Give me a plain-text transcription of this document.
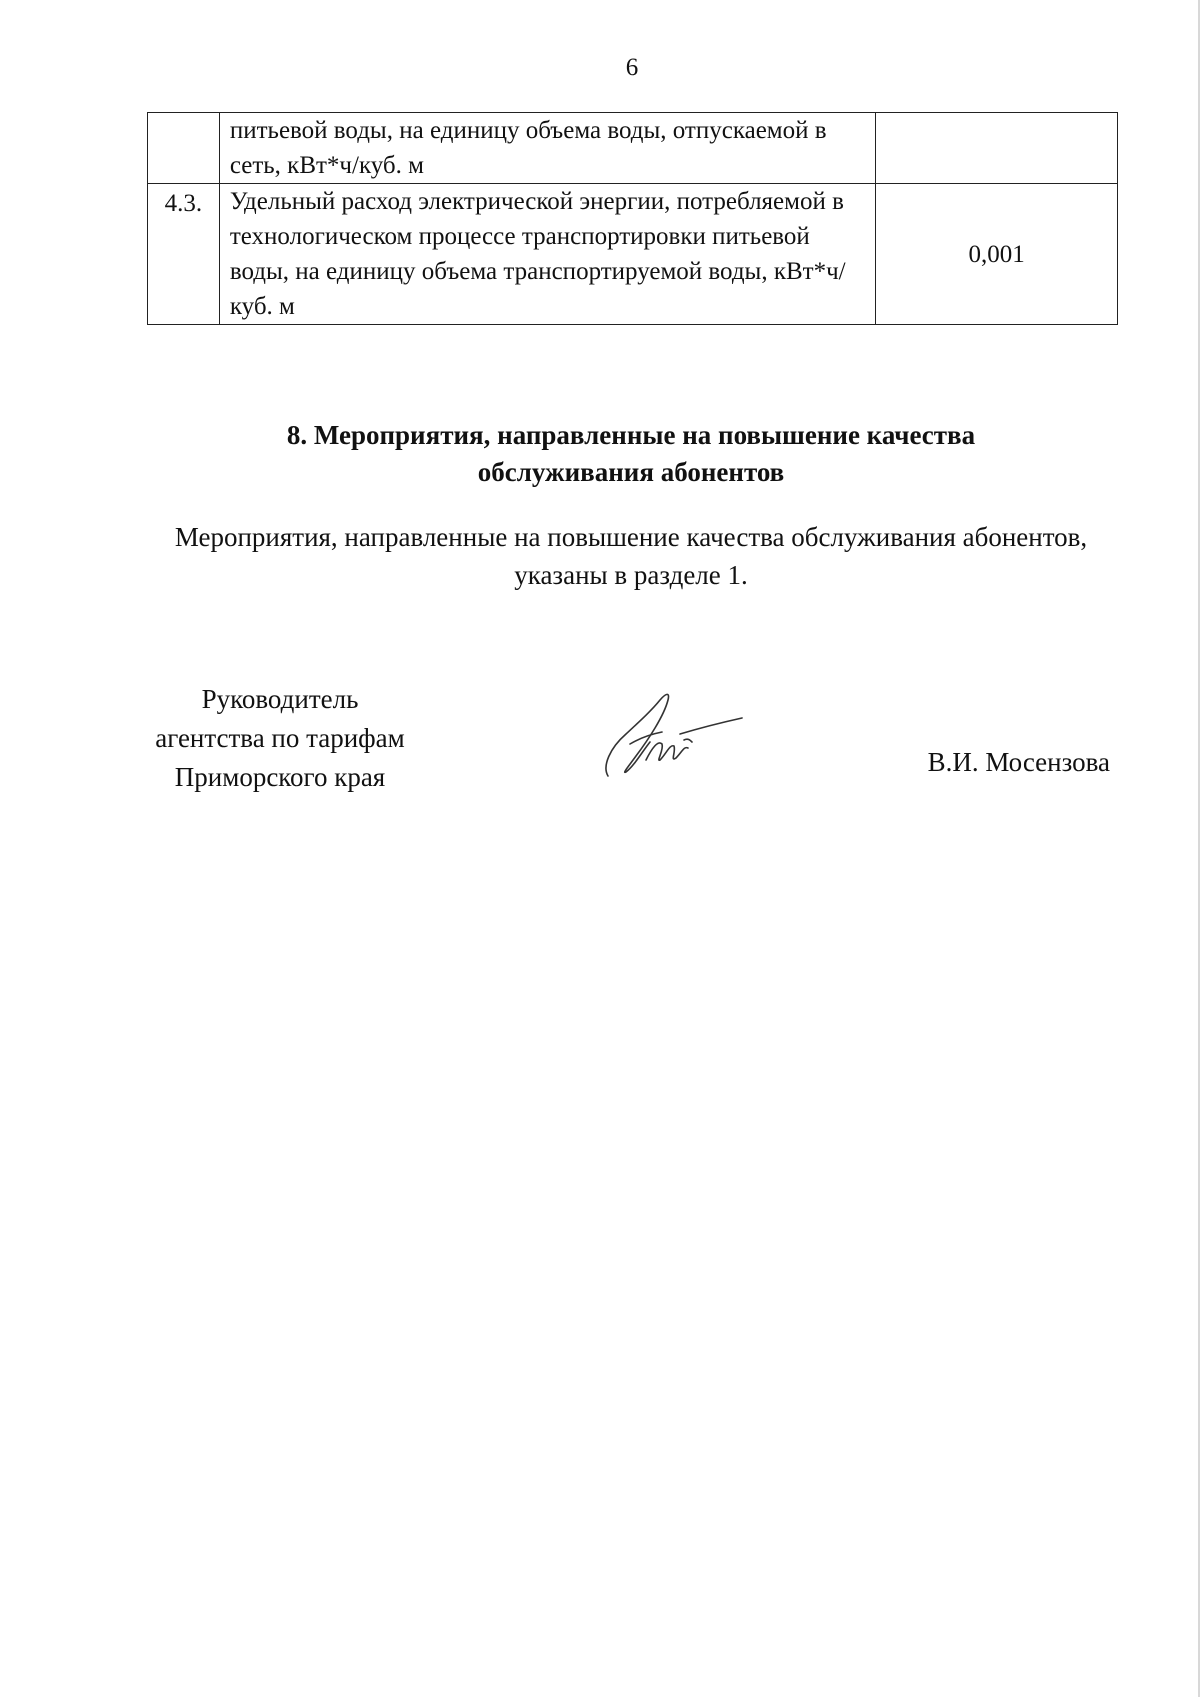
6
	питьевой воды, на единицу объема воды, отпускаемой в сеть, кВт*ч/куб. м	
4.3.	Удельный расход электрической энергии, потребляемой в технологическом процессе транспортировки питьевой воды, на единицу объема транспортируемой воды, кВт*ч/куб. м	0,001
8. Мероприятия, направленные на повышение качества
обслуживания абонентов
Мероприятия, направленные на повышение качества обслуживания абонентов,
указаны в разделе 1.
Руководитель
агентства по тарифам
Приморского края	В.И. Мосензова
